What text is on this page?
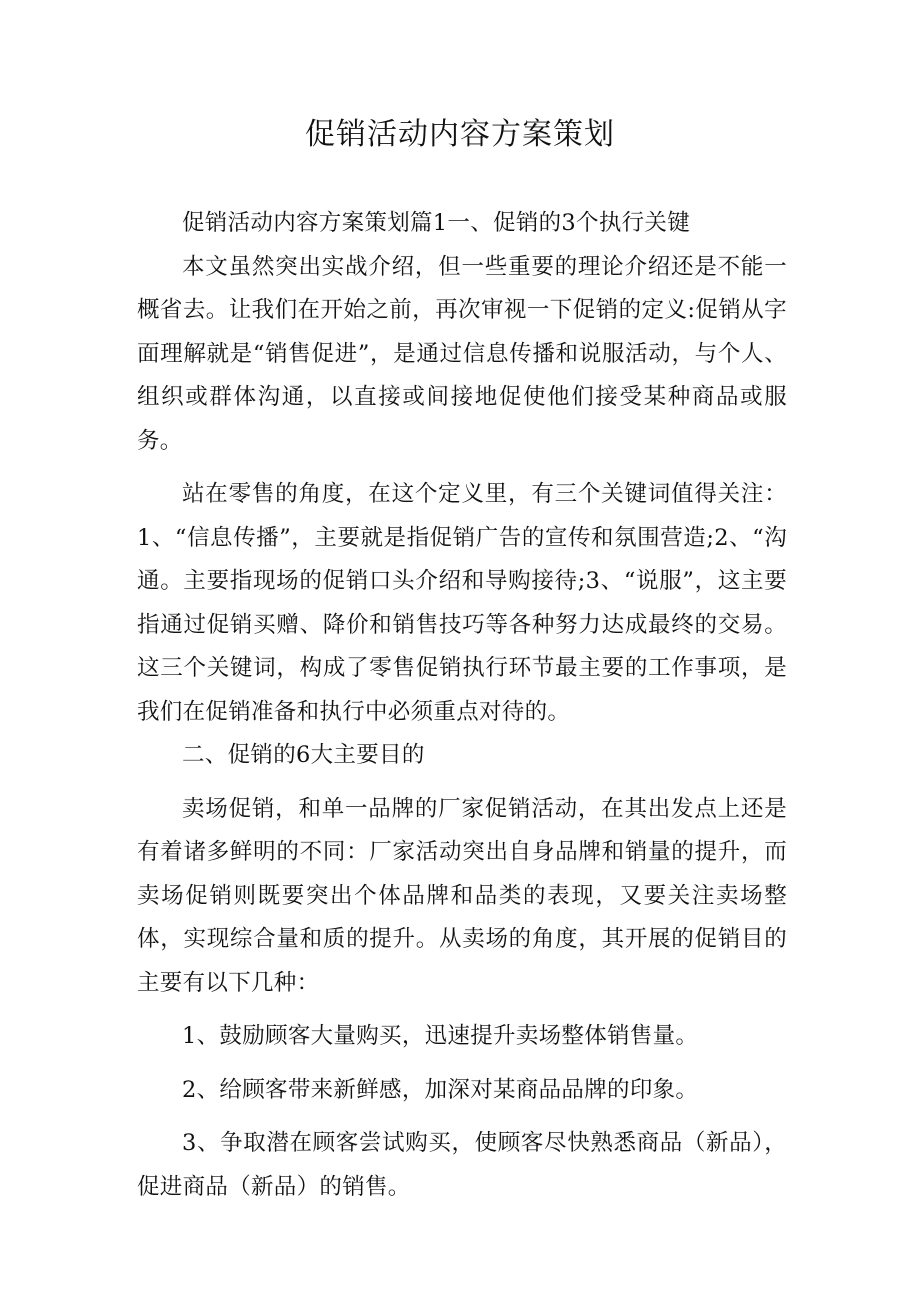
促销活动内容方案策划

促销活动内容方案策划篇1一、促销的3个执行关键

本文虽然突出实战介绍，但一些重要的理论介绍还是不能一概省去。让我们在开始之前，再次审视一下促销的定义:促销从字面理解就是“销售促进”，是通过信息传播和说服活动，与个人、组织或群体沟通，以直接或间接地促使他们接受某种商品或服务。

站在零售的角度，在这个定义里，有三个关键词值得关注：1、“信息传播”，主要就是指促销广告的宣传和氛围营造;2、“沟通。主要指现场的促销口头介绍和导购接待;3、“说服”，这主要指通过促销买赠、降价和销售技巧等各种努力达成最终的交易。这三个关键词，构成了零售促销执行环节最主要的工作事项，是我们在促销准备和执行中必须重点对待的。

二、促销的6大主要目的

卖场促销，和单一品牌的厂家促销活动，在其出发点上还是有着诸多鲜明的不同：厂家活动突出自身品牌和销量的提升，而卖场促销则既要突出个体品牌和品类的表现，又要关注卖场整体，实现综合量和质的提升。从卖场的角度，其开展的促销目的主要有以下几种：

1、鼓励顾客大量购买，迅速提升卖场整体销售量。

2、给顾客带来新鲜感，加深对某商品品牌的印象。

3、争取潜在顾客尝试购买，使顾客尽快熟悉商品（新品），促进商品（新品）的销售。
